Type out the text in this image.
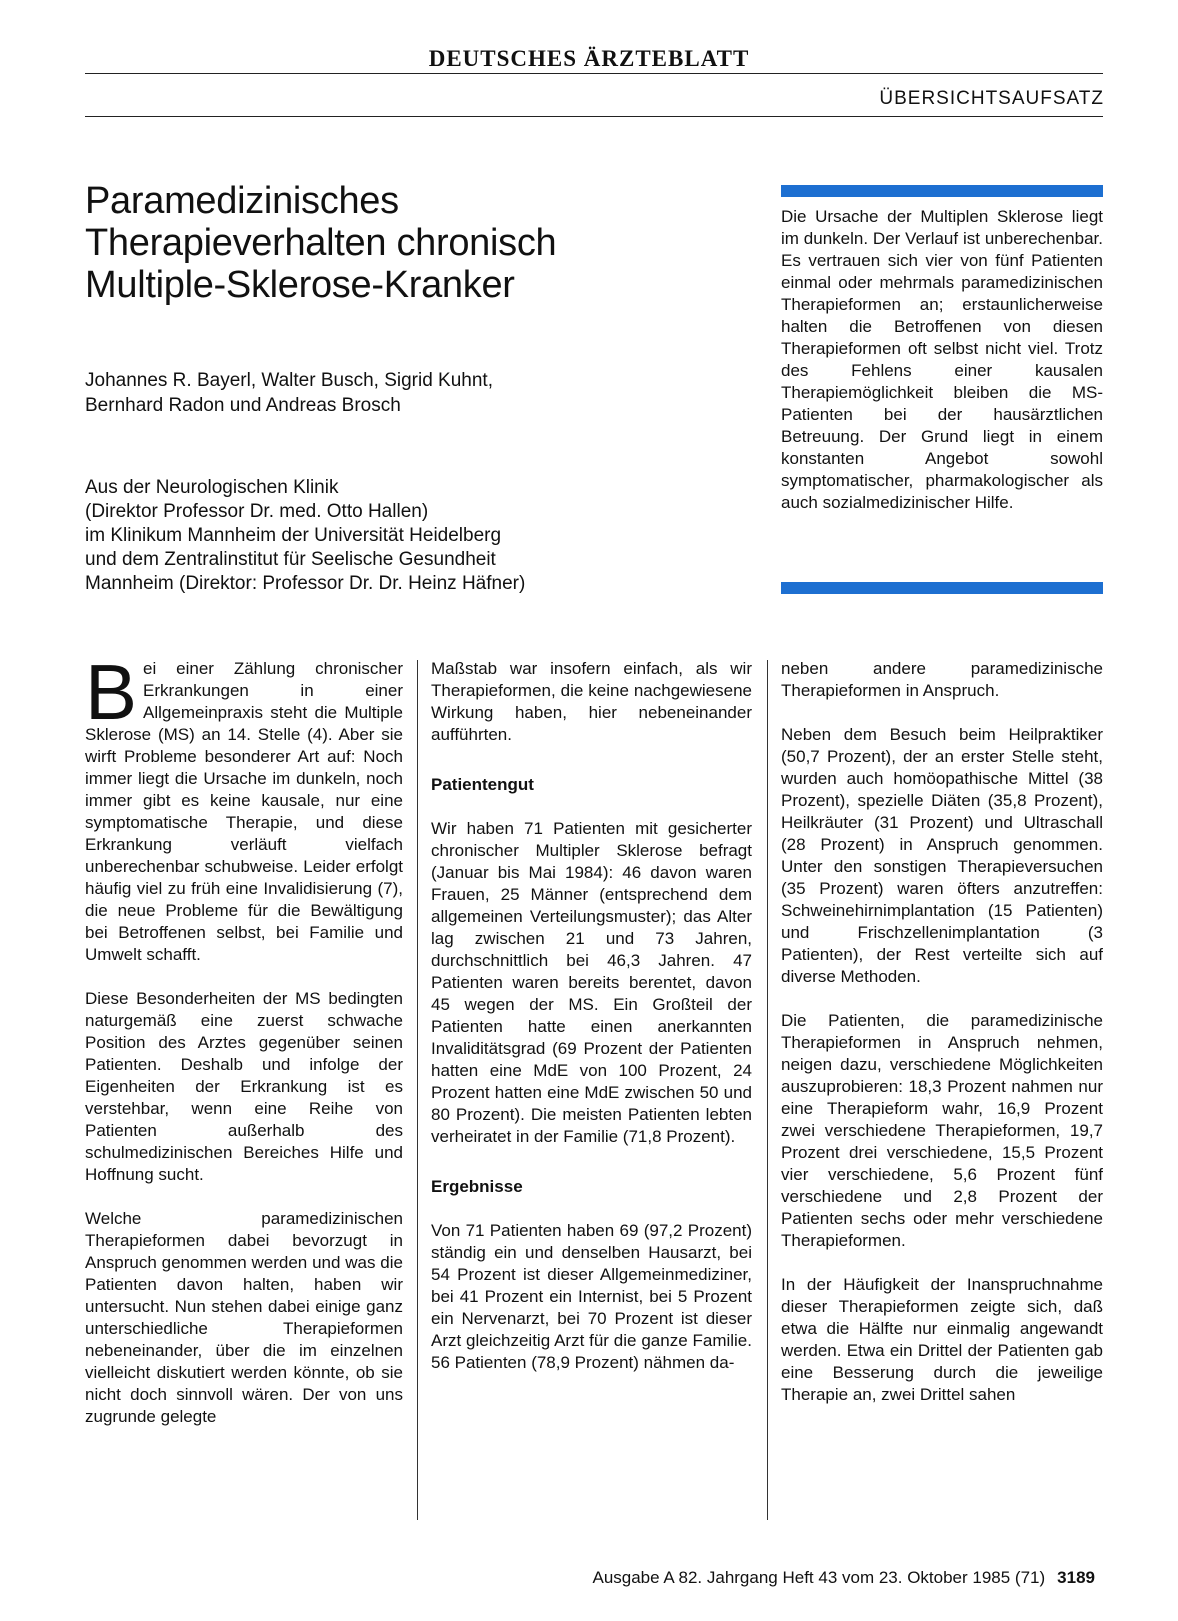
DEUTSCHES ÄRZTEBLATT
ÜBERSICHTSAUFSATZ
Paramedizinisches
Therapieverhalten chronisch
Multiple-Sklerose-Kranker
Johannes R. Bayerl, Walter Busch, Sigrid Kuhnt,
Bernhard Radon und Andreas Brosch
Aus der Neurologischen Klinik
(Direktor Professor Dr. med. Otto Hallen)
im Klinikum Mannheim der Universität Heidelberg
und dem Zentralinstitut für Seelische Gesundheit
Mannheim (Direktor: Professor Dr. Dr. Heinz Häfner)
Die Ursache der Multiplen Sklerose liegt im dunkeln. Der Verlauf ist unberechenbar. Es vertrauen sich vier von fünf Patienten einmal oder mehrmals paramedizinischen Therapieformen an; erstaunlicherweise halten die Betroffenen von diesen Therapieformen oft selbst nicht viel. Trotz des Fehlens einer kausalen Therapiemöglichkeit bleiben die MS-Patienten bei der hausärztlichen Betreuung. Der Grund liegt in einem konstanten Angebot sowohl symptomatischer, pharmakologischer als auch sozialmedizinischer Hilfe.

Bei einer Zählung chronischer Erkrankungen in einer Allgemeinpraxis steht die Multiple Sklerose (MS) an 14. Stelle (4). Aber sie wirft Probleme besonderer Art auf: Noch immer liegt die Ursache im dunkeln, noch immer gibt es keine kausale, nur eine symptomatische Therapie, und diese Erkrankung verläuft vielfach unberechenbar schubweise. Leider erfolgt häufig viel zu früh eine Invalidisierung (7), die neue Probleme für die Bewältigung bei Betroffenen selbst, bei Familie und Umwelt schafft.

Diese Besonderheiten der MS bedingten naturgemäß eine zuerst schwache Position des Arztes gegenüber seinen Patienten. Deshalb und infolge der Eigenheiten der Erkrankung ist es verstehbar, wenn eine Reihe von Patienten außerhalb des schulmedizinischen Bereiches Hilfe und Hoffnung sucht.

Welche paramedizinischen Therapieformen dabei bevorzugt in Anspruch genommen werden und was die Patienten davon halten, haben wir untersucht. Nun stehen dabei einige ganz unterschiedliche Therapieformen nebeneinander, über die im einzelnen vielleicht diskutiert werden könnte, ob sie nicht doch sinnvoll wären. Der von uns zugrunde gelegte

Maßstab war insofern einfach, als wir Therapieformen, die keine nachgewiesene Wirkung haben, hier nebeneinander aufführten.

Patientengut

Wir haben 71 Patienten mit gesicherter chronischer Multipler Sklerose befragt (Januar bis Mai 1984): 46 davon waren Frauen, 25 Männer (entsprechend dem allgemeinen Verteilungsmuster); das Alter lag zwischen 21 und 73 Jahren, durchschnittlich bei 46,3 Jahren. 47 Patienten waren bereits berentet, davon 45 wegen der MS. Ein Großteil der Patienten hatte einen anerkannten Invaliditätsgrad (69 Prozent der Patienten hatten eine MdE von 100 Prozent, 24 Prozent hatten eine MdE zwischen 50 und 80 Prozent). Die meisten Patienten lebten verheiratet in der Familie (71,8 Prozent).

Ergebnisse

Von 71 Patienten haben 69 (97,2 Prozent) ständig ein und denselben Hausarzt, bei 54 Prozent ist dieser Allgemeinmediziner, bei 41 Prozent ein Internist, bei 5 Prozent ein Nervenarzt, bei 70 Prozent ist dieser Arzt gleichzeitig Arzt für die ganze Familie. 56 Patienten (78,9 Prozent) nähmen da-

neben andere paramedizinische Therapieformen in Anspruch.

Neben dem Besuch beim Heilpraktiker (50,7 Prozent), der an erster Stelle steht, wurden auch homöopathische Mittel (38 Prozent), spezielle Diäten (35,8 Prozent), Heilkräuter (31 Prozent) und Ultraschall (28 Prozent) in Anspruch genommen. Unter den sonstigen Therapieversuchen (35 Prozent) waren öfters anzutreffen: Schweinehirnimplantation (15 Patienten) und Frischzellenimplantation (3 Patienten), der Rest verteilte sich auf diverse Methoden.

Die Patienten, die paramedizinische Therapieformen in Anspruch nehmen, neigen dazu, verschiedene Möglichkeiten auszuprobieren: 18,3 Prozent nahmen nur eine Therapieform wahr, 16,9 Prozent zwei verschiedene Therapieformen, 19,7 Prozent drei verschiedene, 15,5 Prozent vier verschiedene, 5,6 Prozent fünf verschiedene und 2,8 Prozent der Patienten sechs oder mehr verschiedene Therapieformen.

In der Häufigkeit der Inanspruchnahme dieser Therapieformen zeigte sich, daß etwa die Hälfte nur einmalig angewandt werden. Etwa ein Drittel der Patienten gab eine Besserung durch die jeweilige Therapie an, zwei Drittel sahen

Ausgabe A 82. Jahrgang Heft 43 vom 23. Oktober 1985 (71) 3189
